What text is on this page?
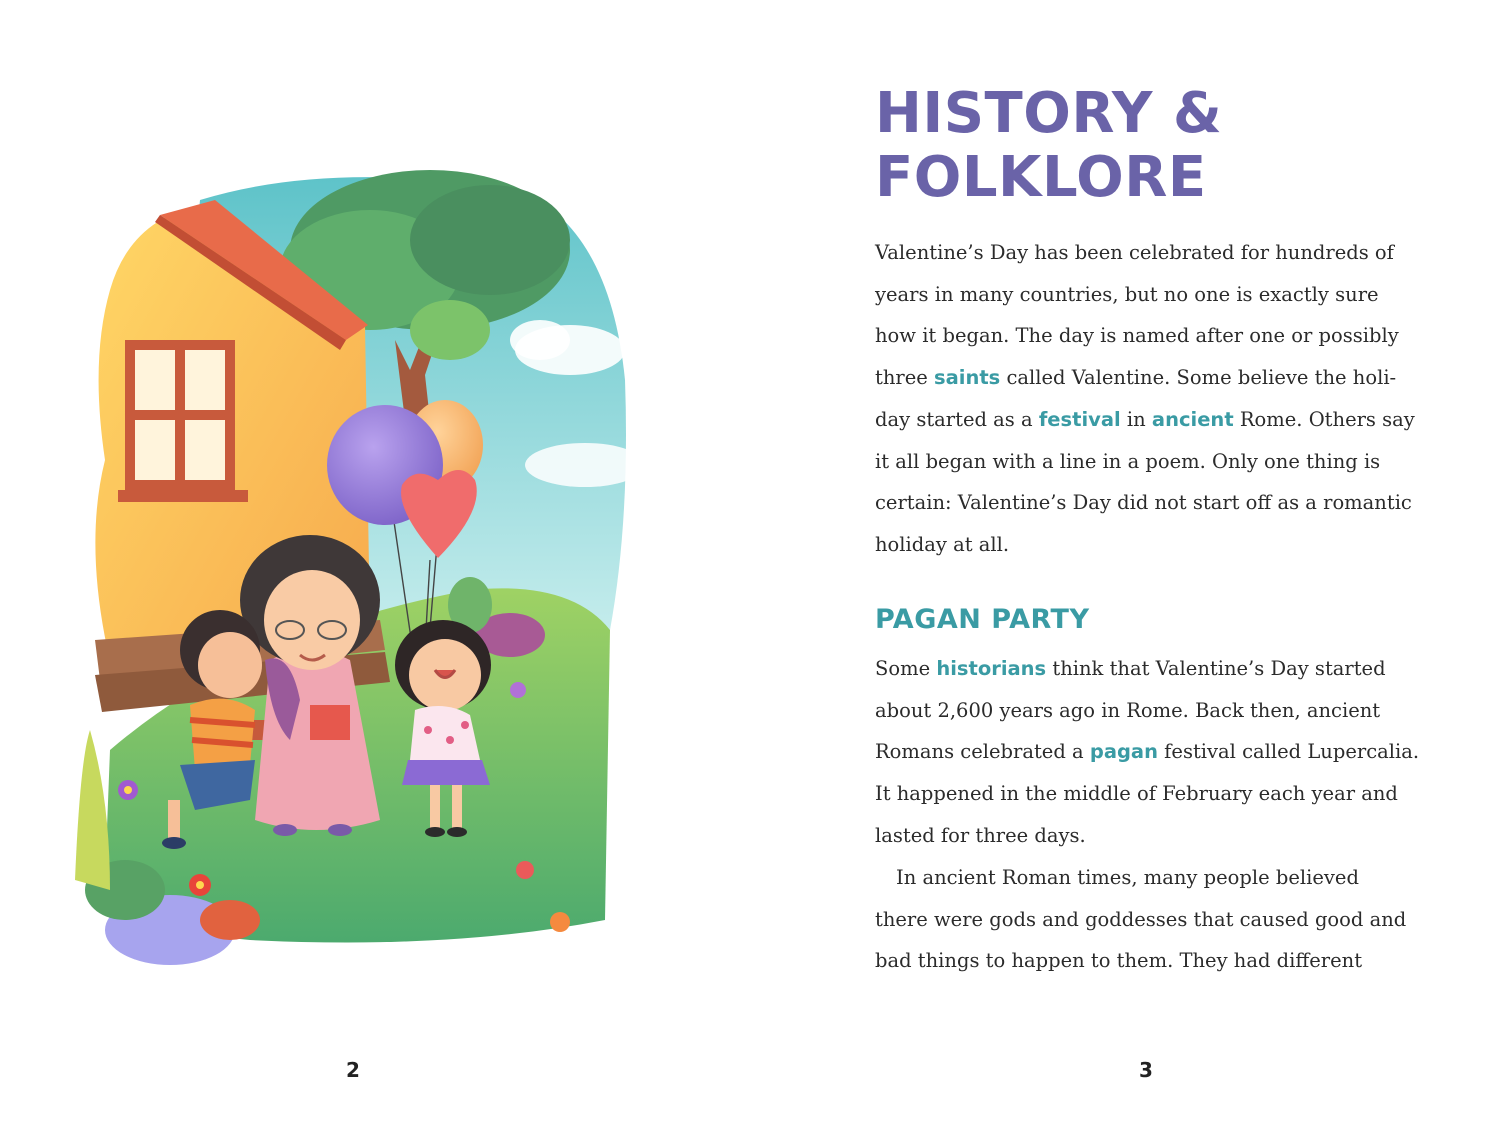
2
HISTORY &
FOLKLORE

Valentine’s Day has been celebrated for hundreds of
years in many countries, but no one is exactly sure
how it began. The day is named after one or possibly
three saints called Valentine. Some believe the holi-
day started as a festival in ancient Rome. Others say
it all began with a line in a poem. Only one thing is
certain: Valentine’s Day did not start off as a romantic
holiday at all.

PAGAN PARTY

Some historians think that Valentine’s Day started
about 2,600 years ago in Rome. Back then, ancient
Romans celebrated a pagan festival called Lupercalia.
It happened in the middle of February each year and
lasted for three days.

In ancient Roman times, many people believed
there were gods and goddesses that caused good and
bad things to happen to them. They had different

3
